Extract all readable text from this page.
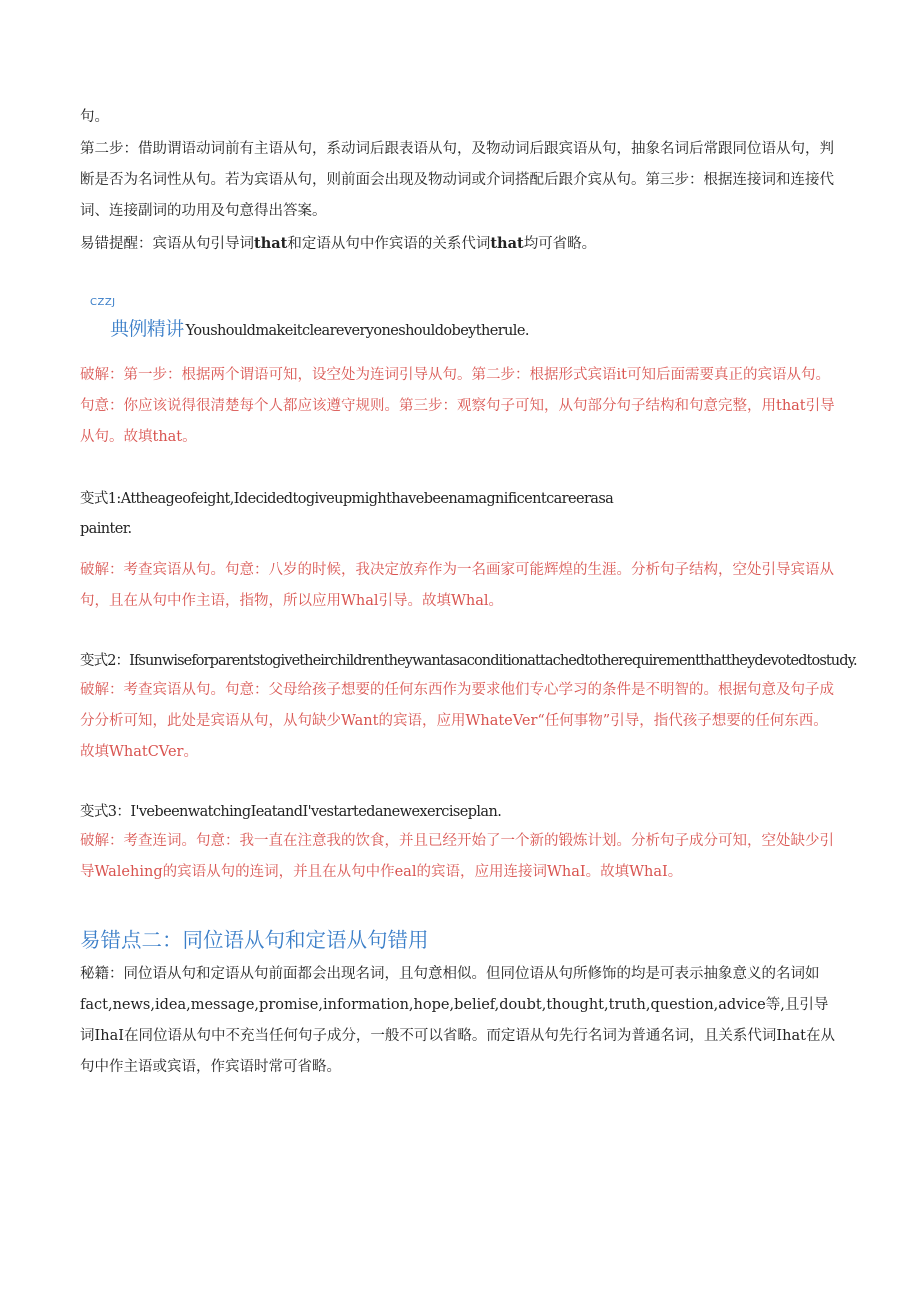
句。

第二步：借助谓语动词前有主语从句，系动词后跟表语从句，及物动词后跟宾语从句，抽象名词后常跟同位语从句，判断是否为名词性从句。若为宾语从句，则前面会出现及物动词或介词搭配后跟介宾从句。第三步：根据连接词和连接代词、连接副词的功用及句意得出答案。

易错提醒：宾语从句引导词that和定语从句中作宾语的关系代词that均可省略。

CZZJ

典例精讲 Youshouldmakeitcleareveryoneshouldobeytherule.

破解：第一步：根据两个谓语可知，设空处为连词引导从句。第二步：根据形式宾语it可知后面需要真正的宾语从句。句意：你应该说得很清楚每个人都应该遵守规则。第三步：观察句子可知，从句部分句子结构和句意完整，用that引导从句。故填that。

变式1:Attheageofeight,Idecidedtogiveupmighthavebeenamagnificentcareerasa
painter.

破解：考查宾语从句。句意：八岁的时候，我决定放弃作为一名画家可能辉煌的生涯。分析句子结构，空处引导宾语从句，且在从句中作主语，指物，所以应用Whal引导。故填Whal。

变式2：Ifsunwiseforparentstogivetheirchildrentheywantasaconditionattachedtotherequirementthattheydevotedtostudy.

破解：考查宾语从句。句意：父母给孩子想要的任何东西作为要求他们专心学习的条件是不明智的。根据句意及句子成分分析可知，此处是宾语从句，从句缺少Want的宾语，应用WhateVer“任何事物”引导，指代孩子想要的任何东西。故填WhatCVer。

变式3：I'vebeenwatchingIeatandI'vestartedanewexerciseplan.

破解：考查连词。句意：我一直在注意我的饮食，并且已经开始了一个新的锻炼计划。分析句子成分可知，空处缺少引导Walehing的宾语从句的连词，并且在从句中作eal的宾语，应用连接词WhaI。故填WhaI。

易错点二：同位语从句和定语从句错用

秘籍：同位语从句和定语从句前面都会出现名词，且句意相似。但同位语从句所修饰的均是可表示抽象意义的名词如fact,news,idea,message,promise,information,hope,belief,doubt,thought,truth,question,advice等,且引导词IhaI在同位语从句中不充当任何句子成分，一般不可以省略。而定语从句先行名词为普通名词，且关系代词Ihat在从句中作主语或宾语，作宾语时常可省略。
